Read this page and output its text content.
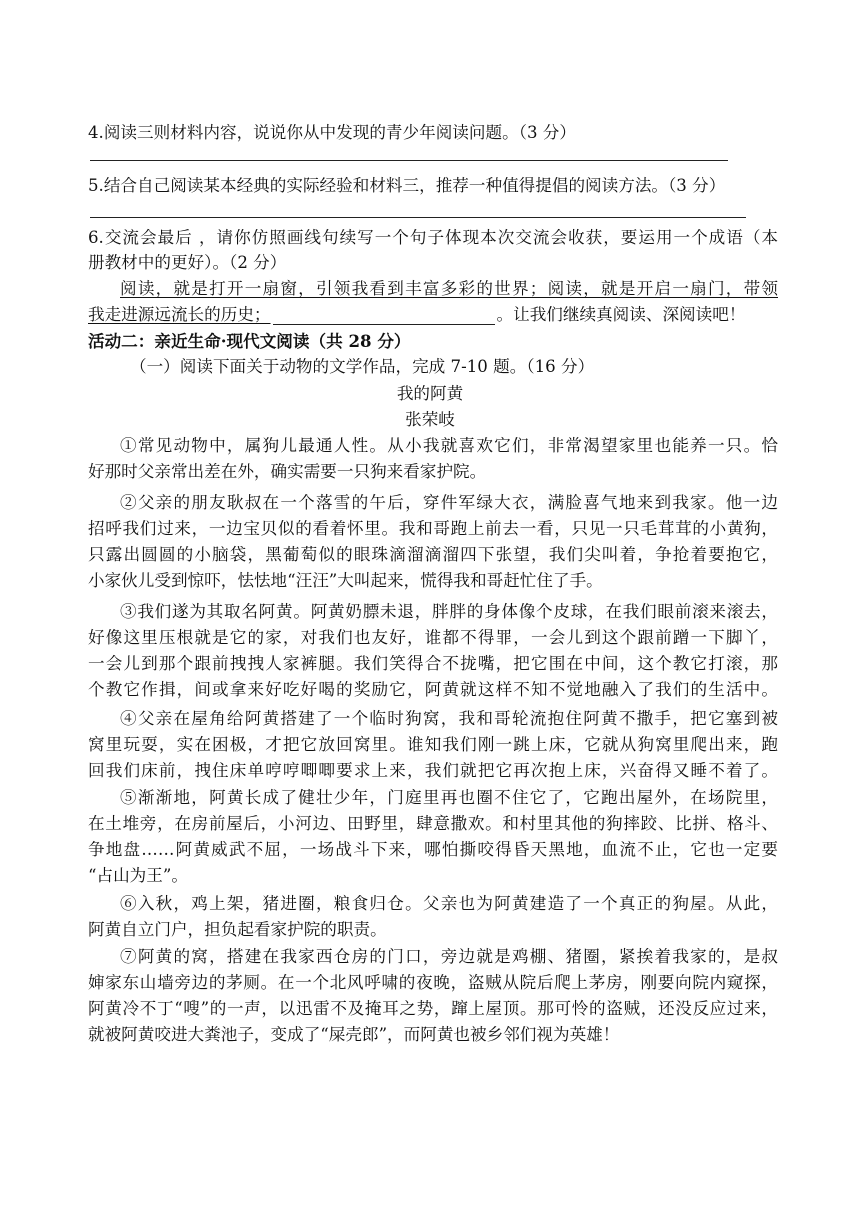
4.阅读三则材料内容，说说你从中发现的青少年阅读问题。（3 分）
5.结合自己阅读某本经典的实际经验和材料三，推荐一种值得提倡的阅读方法。（3 分）
6.交流会最后 ，请你仿照画线句续写一个句子体现本次交流会收获，要运用一个成语（本
册教材中的更好）。（2 分）
阅读，就是打开一扇窗，引领我看到丰富多彩的世界；阅读，就是开启一扇门，带领
我走进源远流长的历史；	。让我们继续真阅读、深阅读吧！
活动二：亲近生命·现代文阅读（共 28 分）
（一）阅读下面关于动物的文学作品，完成 7-10 题。（16 分）
我的阿黄
张荣岐
①常见动物中，属狗儿最通人性。从小我就喜欢它们，非常渴望家里也能养一只。恰
好那时父亲常出差在外，确实需要一只狗来看家护院。
②父亲的朋友耿叔在一个落雪的午后，穿件军绿大衣，满脸喜气地来到我家。他一边
招呼我们过来，一边宝贝似的看着怀里。我和哥跑上前去一看，只见一只毛茸茸的小黄狗，
只露出圆圆的小脑袋，黑葡萄似的眼珠滴溜滴溜四下张望，我们尖叫着，争抢着要抱它，
小家伙儿受到惊吓，怯怯地“汪汪”大叫起来，慌得我和哥赶忙住了手。
③我们遂为其取名阿黄。阿黄奶膘未退，胖胖的身体像个皮球，在我们眼前滚来滚去，
好像这里压根就是它的家，对我们也友好，谁都不得罪，一会儿到这个跟前蹭一下脚丫，
一会儿到那个跟前拽拽人家裤腿。我们笑得合不拢嘴，把它围在中间，这个教它打滚，那
个教它作揖，间或拿来好吃好喝的奖励它，阿黄就这样不知不觉地融入了我们的生活中。
④父亲在屋角给阿黄搭建了一个临时狗窝，我和哥轮流抱住阿黄不撒手，把它塞到被
窝里玩耍，实在困极，才把它放回窝里。谁知我们刚一跳上床，它就从狗窝里爬出来，跑
回我们床前，拽住床单哼哼唧唧要求上来，我们就把它再次抱上床，兴奋得又睡不着了。
⑤渐渐地，阿黄长成了健壮少年，门庭里再也圈不住它了，它跑出屋外，在场院里，
在土堆旁，在房前屋后，小河边、田野里，肆意撒欢。和村里其他的狗摔跤、比拼、格斗、
争地盘……阿黄威武不屈，一场战斗下来，哪怕撕咬得昏天黑地，血流不止，它也一定要
“占山为王”。
⑥入秋，鸡上架，猪进圈，粮食归仓。父亲也为阿黄建造了一个真正的狗屋。从此，
阿黄自立门户，担负起看家护院的职责。
⑦阿黄的窝，搭建在我家西仓房的门口，旁边就是鸡棚、猪圈，紧挨着我家的，是叔
婶家东山墙旁边的茅厕。在一个北风呼啸的夜晚，盗贼从院后爬上茅房，刚要向院内窥探，
阿黄冷不丁“嗖”的一声，以迅雷不及掩耳之势，蹿上屋顶。那可怜的盗贼，还没反应过来，
就被阿黄咬进大粪池子，变成了“屎壳郎”，而阿黄也被乡邻们视为英雄！
